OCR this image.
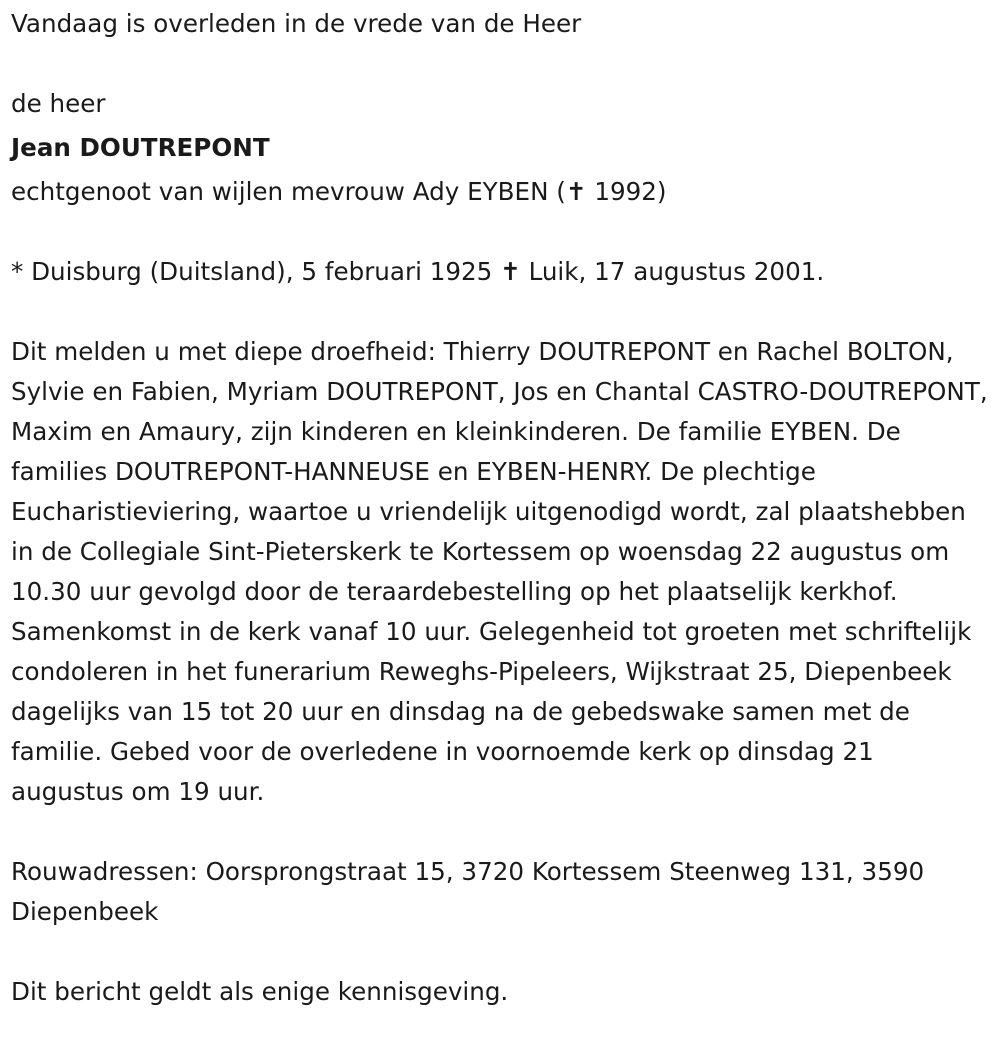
Vandaag is overleden in de vrede van de Heer

de heer

Jean DOUTREPONT

echtgenoot van wijlen mevrouw Ady EYBEN (✝ 1992)

* Duisburg (Duitsland), 5 februari 1925 ✝ Luik, 17 augustus 2001.

Dit melden u met diepe droefheid: Thierry DOUTREPONT en Rachel BOLTON, Sylvie en Fabien, Myriam DOUTREPONT, Jos en Chantal CASTRO-DOUTREPONT, Maxim en Amaury, zijn kinderen en kleinkinderen. De familie EYBEN. De families DOUTREPONT-HANNEUSE en EYBEN-HENRY. De plechtige Eucharistieviering, waartoe u vriendelijk uitgenodigd wordt, zal plaatshebben in de Collegiale Sint-Pieterskerk te Kortessem op woensdag 22 augustus om 10.30 uur gevolgd door de teraardebestelling op het plaatselijk kerkhof. Samenkomst in de kerk vanaf 10 uur. Gelegenheid tot groeten met schriftelijk condoleren in het funerarium Reweghs-Pipeleers, Wijkstraat 25, Diepenbeek dagelijks van 15 tot 20 uur en dinsdag na de gebedswake samen met de familie. Gebed voor de overledene in voornoemde kerk op dinsdag 21 augustus om 19 uur.

Rouwadressen: Oorsprongstraat 15, 3720 Kortessem Steenweg 131, 3590 Diepenbeek

Dit bericht geldt als enige kennisgeving.
